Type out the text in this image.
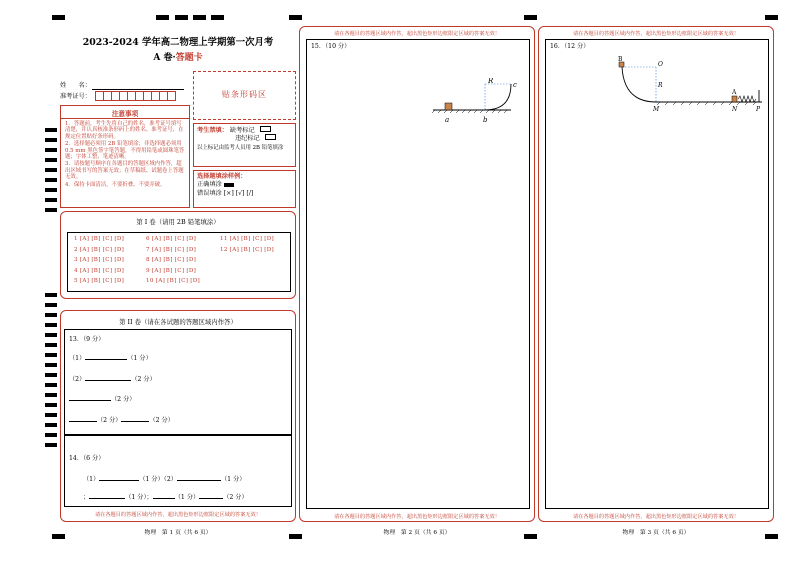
2023-2024 学年高二物理上学期第一次月考
A 卷·答题卡
姓　　名：
准考证号：	贴条形码区
注意事项
1．答题前，考生先将自己的姓名，准考证号填写清楚，并认真核准条形码上的姓名、准考证号，在规定位置贴好条形码。
2．选择题必须用 2B 铅笔填涂；非选择题必须用 0.5 mm 黑色签字笔答题，不得用铅笔或圆珠笔答题；字体工整、笔迹清晰。
3．请按题号顺序在各题目的答题区域内作答，超出区域书写的答案无效；在草稿纸、试题卷上答题无效。
4．保持卡面清洁，不要折叠、不要弄破。
考生禁填： 缺考标记
违纪标记
以上标记由监考人员用 2B 铅笔填涂
选择题填涂样例：
正确填涂
错误填涂 [×] [√] [/]
第 I 卷（请用 2B 铅笔填涂）
1 [A] [B] [C] [D]
2 [A] [B] [C] [D]
3 [A] [B] [C] [D]
4 [A] [B] [C] [D]
5 [A] [B] [C] [D]
6 [A] [B] [C] [D]
7 [A] [B] [C] [D]
8 [A] [B] [C] [D]
9 [A] [B] [C] [D]
10 [A] [B] [C] [D]
11 [A] [B] [C] [D]
12 [A] [B] [C] [D]
第 II 卷（请在各试题的答题区域内作答）
13．（9 分）
（1）	（1 分）
（2）	（2 分）
（2 分）
（2 分）	（2 分）
14．（6 分）
（1）	（1 分）（2）	（1 分）
；	（1 分）；	（1 分）	（2 分）
请在各题目的答题区域内作答，超出黑色矩形边框限定区域的答案无效！
物理　第 1 页（共 6 页）
请在各题目的答题区域内作答，超出黑色矩形边框限定区域的答案无效！
15．（10 分）
R	c
a	b
请在各题目的答题区域内作答，超出黑色矩形边框限定区域的答案无效！
物理　第 2 页（共 6 页）
请在各题目的答题区域内作答，超出黑色矩形边框限定区域的答案无效！
16．（12 分）
B
O
R
A
M	N	P
请在各题目的答题区域内作答，超出黑色矩形边框限定区域的答案无效！
物理　第 3 页（共 6 页）
